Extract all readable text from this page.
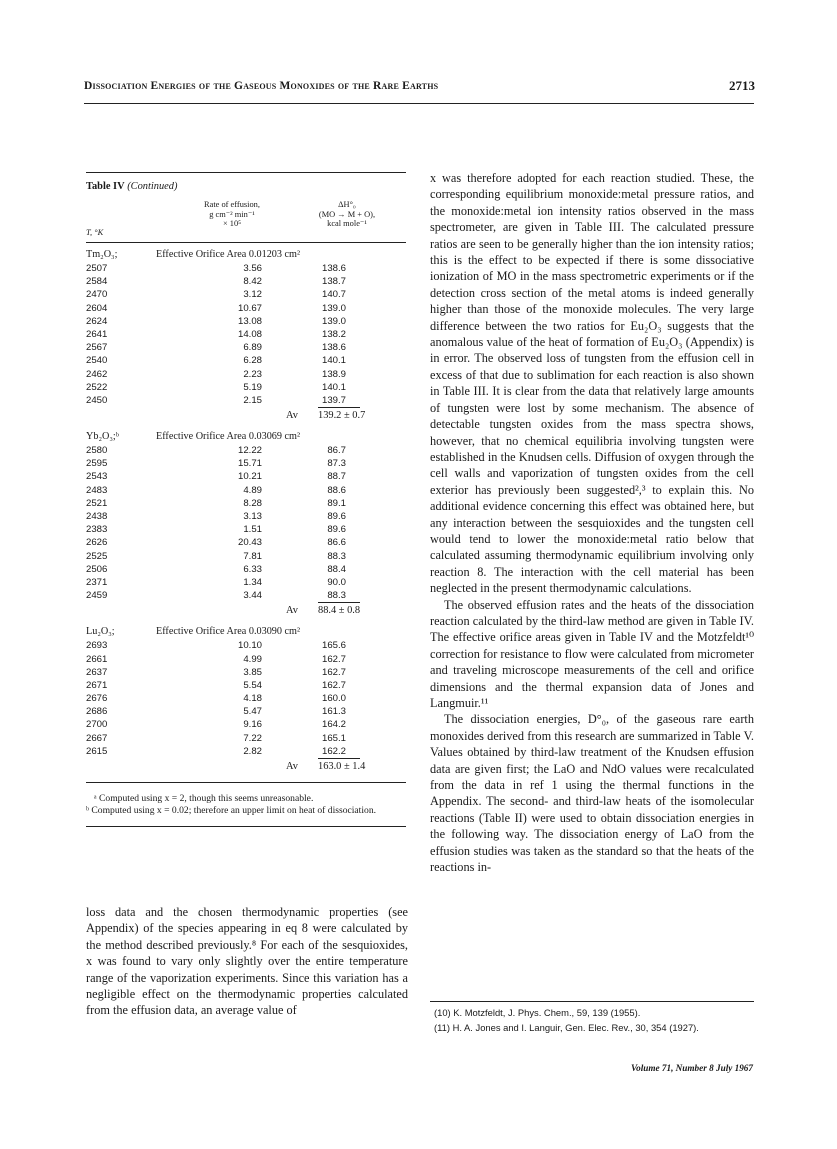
Dissociation Energies of the Gaseous Monoxides of the Rare Earths	2713
Table IV (Continued)
T, °K
Rate of effusion,
g cm⁻² min⁻¹
× 10⁵
ΔH°₀
(MO → M + O),
kcal mole⁻¹
Tm₂O₃;	Effective Orifice Area 0.01203 cm²
2507	3.56	138.6
2584	8.42	138.7
2470	3.12	140.7
2604	10.67	139.0
2624	13.08	139.0
2641	14.08	138.2
2567	6.89	138.6
2540	6.28	140.1
2462	2.23	138.9
2522	5.19	140.1
2450	2.15	139.7
Av 139.2 ± 0.7
Yb₂O₃;ᵇ	Effective Orifice Area 0.03069 cm²
2580	12.22	86.7
2595	15.71	87.3
2543	10.21	88.7
2483	4.89	88.6
2521	8.28	89.1
2438	3.13	89.6
2383	1.51	89.6
2626	20.43	86.6
2525	7.81	88.3
2506	6.33	88.4
2371	1.34	90.0
2459	3.44	88.3
Av 88.4 ± 0.8
Lu₂O₃;	Effective Orifice Area 0.03090 cm²
2693	10.10	165.6
2661	4.99	162.7
2637	3.85	162.7
2671	5.54	162.7
2676	4.18	160.0
2686	5.47	161.3
2700	9.16	164.2
2667	7.22	165.1
2615	2.82	162.2
Av 163.0 ± 1.4
ᵃ Computed using x = 2, though this seems unreasonable.
ᵇ Computed using x = 0.02; therefore an upper limit on heat of dissociation.

loss data and the chosen thermodynamic properties (see Appendix) of the species appearing in eq 8 were calculated by the method described previously.⁸ For each of the sesquioxides, x was found to vary only slightly over the entire temperature range of the vaporization experiments. Since this variation has a negligible effect on the thermodynamic properties calculated from the effusion data, an average value of

x was therefore adopted for each reaction studied. These, the corresponding equilibrium monoxide:metal pressure ratios, and the monoxide:metal ion intensity ratios observed in the mass spectrometer, are given in Table III. The calculated pressure ratios are seen to be generally higher than the ion intensity ratios; this is the effect to be expected if there is some dissociative ionization of MO in the mass spectrometric experiments or if the detection cross section of the metal atoms is indeed generally higher than those of the monoxide molecules. The very large difference between the two ratios for Eu₂O₃ suggests that the anomalous value of the heat of formation of Eu₂O₃ (Appendix) is in error. The observed loss of tungsten from the effusion cell in excess of that due to sublimation for each reaction is also shown in Table III. It is clear from the data that relatively large amounts of tungsten were lost by some mechanism. The absence of detectable tungsten oxides from the mass spectra shows, however, that no chemical equilibria involving tungsten were established in the Knudsen cells. Diffusion of oxygen through the cell walls and vaporization of tungsten oxides from the cell exterior has previously been suggested²,³ to explain this. No additional evidence concerning this effect was obtained here, but any interaction between the sesquioxides and the tungsten cell would tend to lower the monoxide:metal ratio below that calculated assuming thermodynamic equilibrium involving only reaction 8. The interaction with the cell material has been neglected in the present thermodynamic calculations.

The observed effusion rates and the heats of the dissociation reaction calculated by the third-law method are given in Table IV. The effective orifice areas given in Table IV and the Motzfeldt¹⁰ correction for resistance to flow were calculated from micrometer and traveling microscope measurements of the cell and orifice dimensions and the thermal expansion data of Jones and Langmuir.¹¹

The dissociation energies, D°₀, of the gaseous rare earth monoxides derived from this research are summarized in Table V. Values obtained by third-law treatment of the Knudsen effusion data are given first; the LaO and NdO values were recalculated from the data in ref 1 using the thermal functions in the Appendix. The second- and third-law heats of the isomolecular reactions (Table II) were used to obtain dissociation energies in the following way. The dissociation energy of LaO from the effusion studies was taken as the standard so that the heats of the reactions in-

(10) K. Motzfeldt, J. Phys. Chem., 59, 139 (1955).
(11) H. A. Jones and I. Languir, Gen. Elec. Rev., 30, 354 (1927).
Volume 71, Number 8 July 1967
